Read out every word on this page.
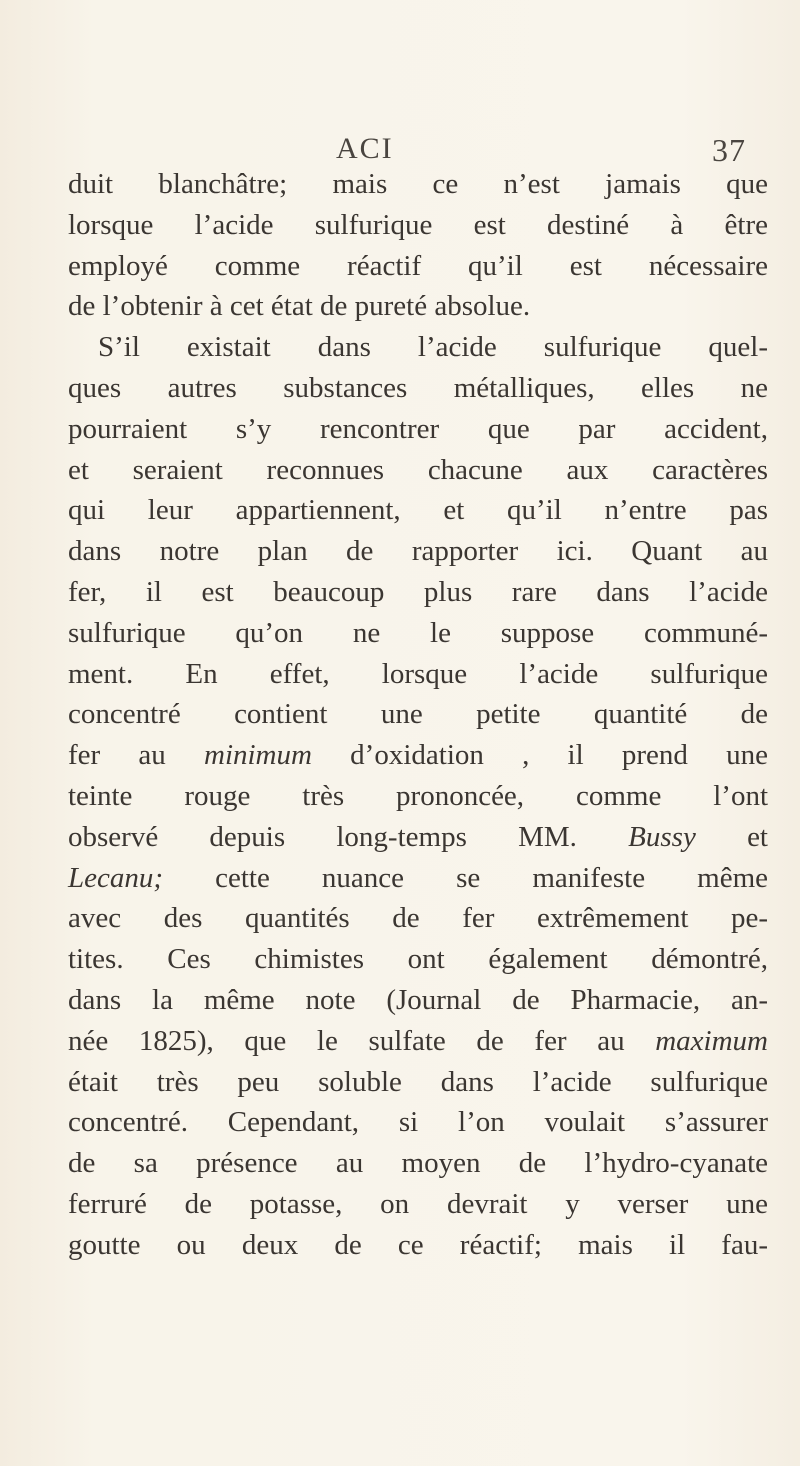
ACI	37
duit blanchâtre; mais ce n’est jamais que
lorsque l’acide sulfurique est destiné à être
employé comme réactif qu’il est nécessaire
de l’obtenir à cet état de pureté absolue.
S’il existait dans l’acide sulfurique quel-
ques autres substances métalliques, elles ne
pourraient s’y rencontrer que par accident,
et seraient reconnues chacune aux caractères
qui leur appartiennent, et qu’il n’entre pas
dans notre plan de rapporter ici. Quant au
fer, il est beaucoup plus rare dans l’acide
sulfurique qu’on ne le suppose communé-
ment. En effet, lorsque l’acide sulfurique
concentré contient une petite quantité de
fer au minimum d’oxidation , il prend une
teinte rouge très prononcée, comme l’ont
observé depuis long-temps MM. Bussy et
Lecanu; cette nuance se manifeste même
avec des quantités de fer extrêmement pe-
tites. Ces chimistes ont également démontré,
dans la même note (Journal de Pharmacie, an-
née 1825), que le sulfate de fer au maximum
était très peu soluble dans l’acide sulfurique
concentré. Cependant, si l’on voulait s’assurer
de sa présence au moyen de l’hydro-cyanate
ferruré de potasse, on devrait y verser une
goutte ou deux de ce réactif; mais il fau-
